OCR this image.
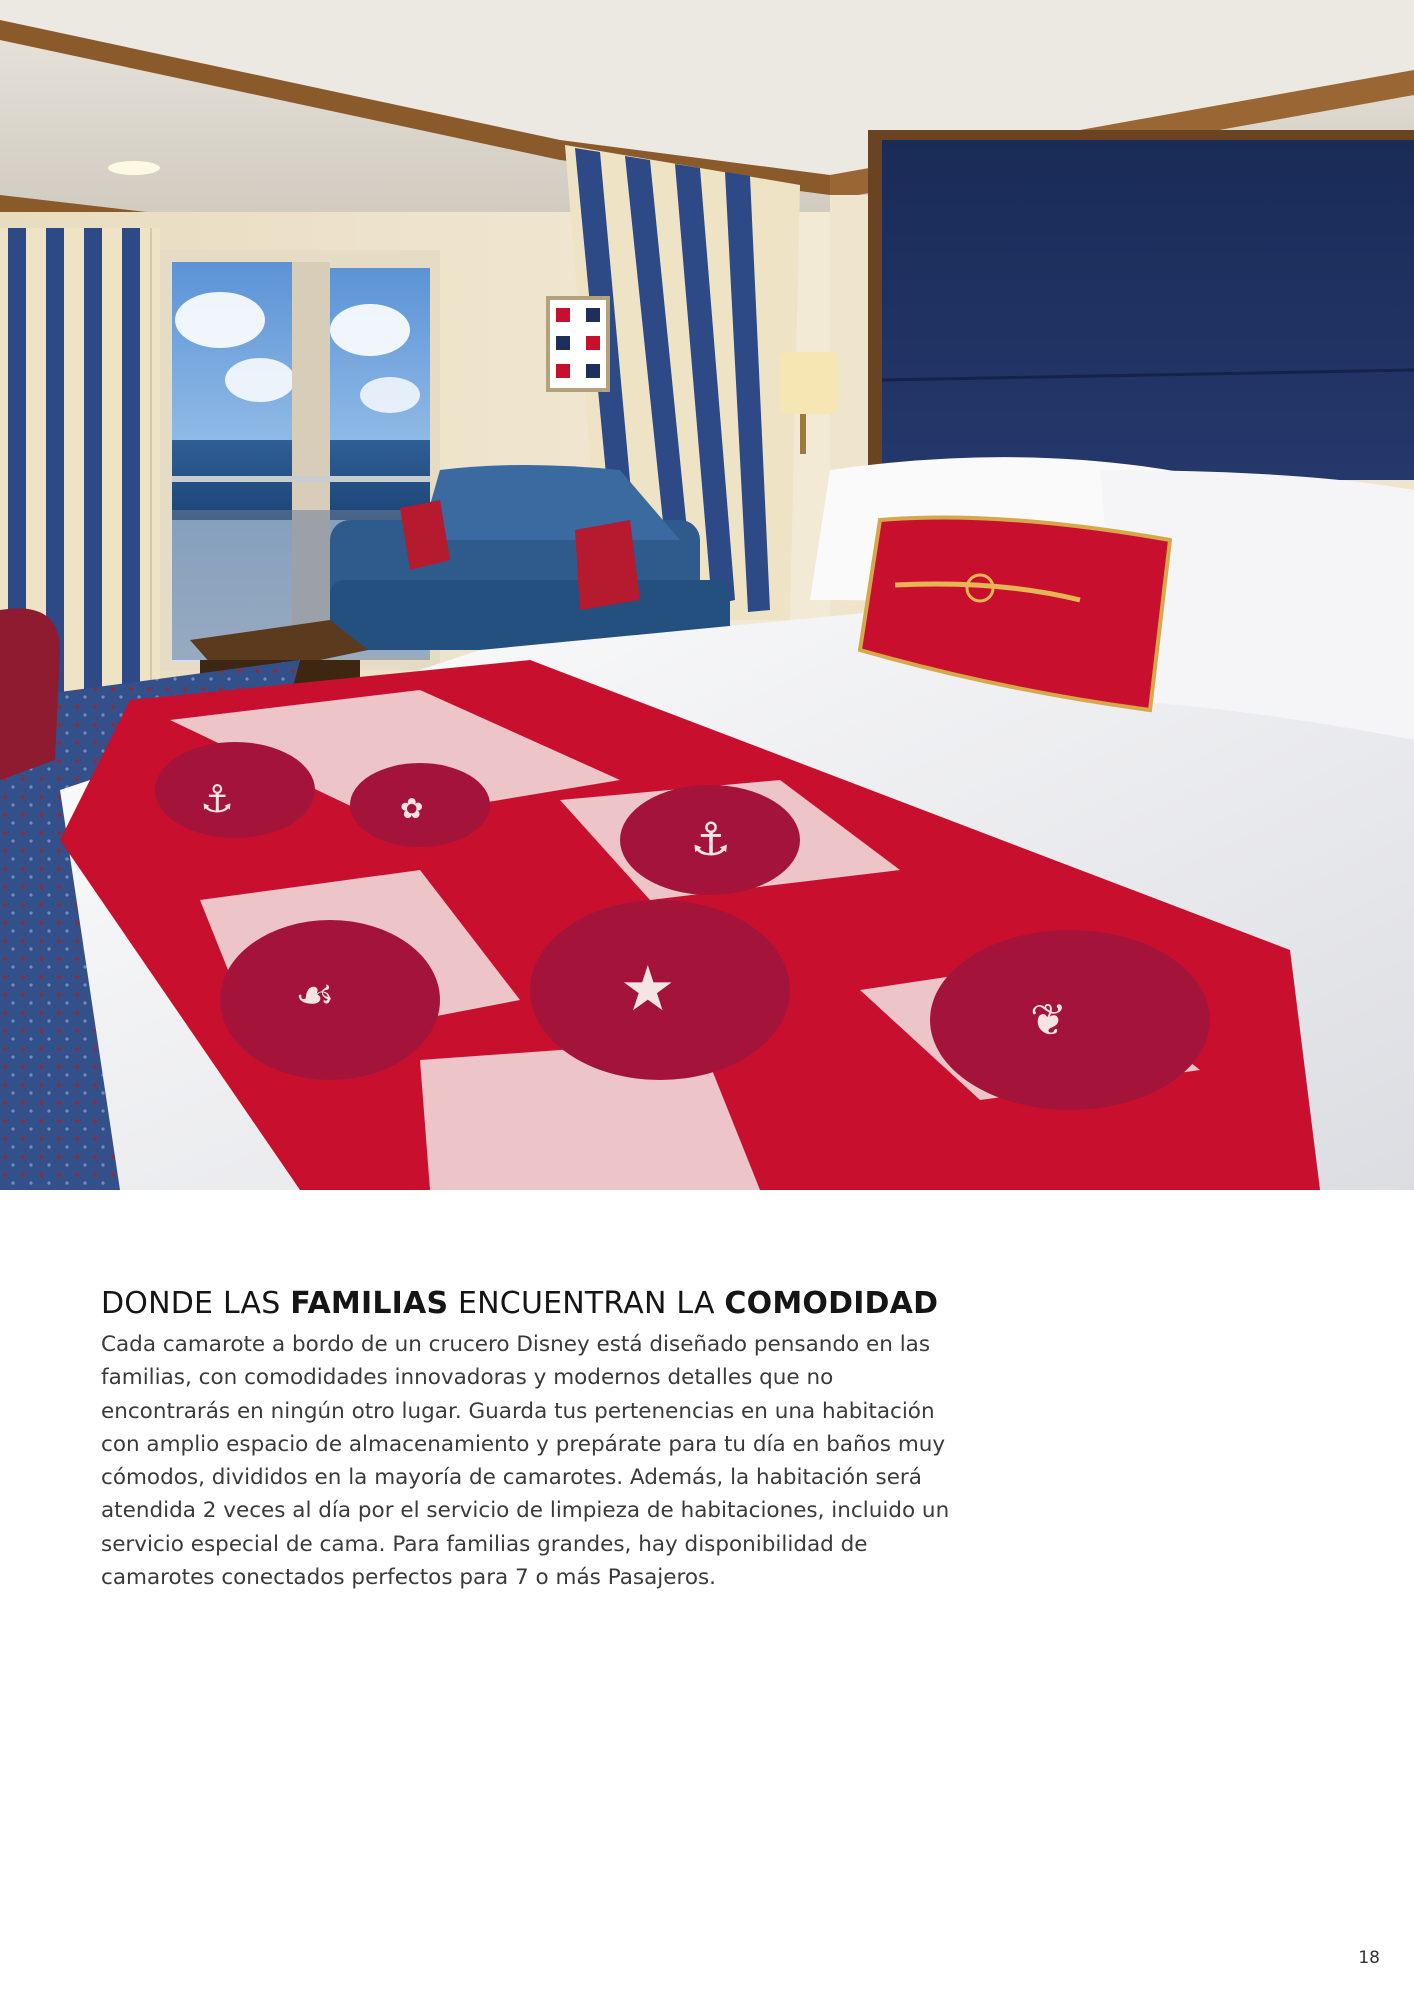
⚓
⚓
★
☙	❦
✿
DONDE LAS FAMILIAS ENCUENTRAN LA COMODIDAD

Cada camarote a bordo de un crucero Disney está diseñado pensando en las familias, con comodidades innovadoras y modernos detalles que no encontrarás en ningún otro lugar. Guarda tus pertenencias en una habitación con amplio espacio de almacenamiento y prepárate para tu día en baños muy cómodos, divididos en la mayoría de camarotes. Además, la habitación será atendida 2 veces al día por el servicio de limpieza de habitaciones, incluido un servicio especial de cama. Para familias grandes, hay disponibilidad de camarotes conectados perfectos para 7 o más Pasajeros.

18
